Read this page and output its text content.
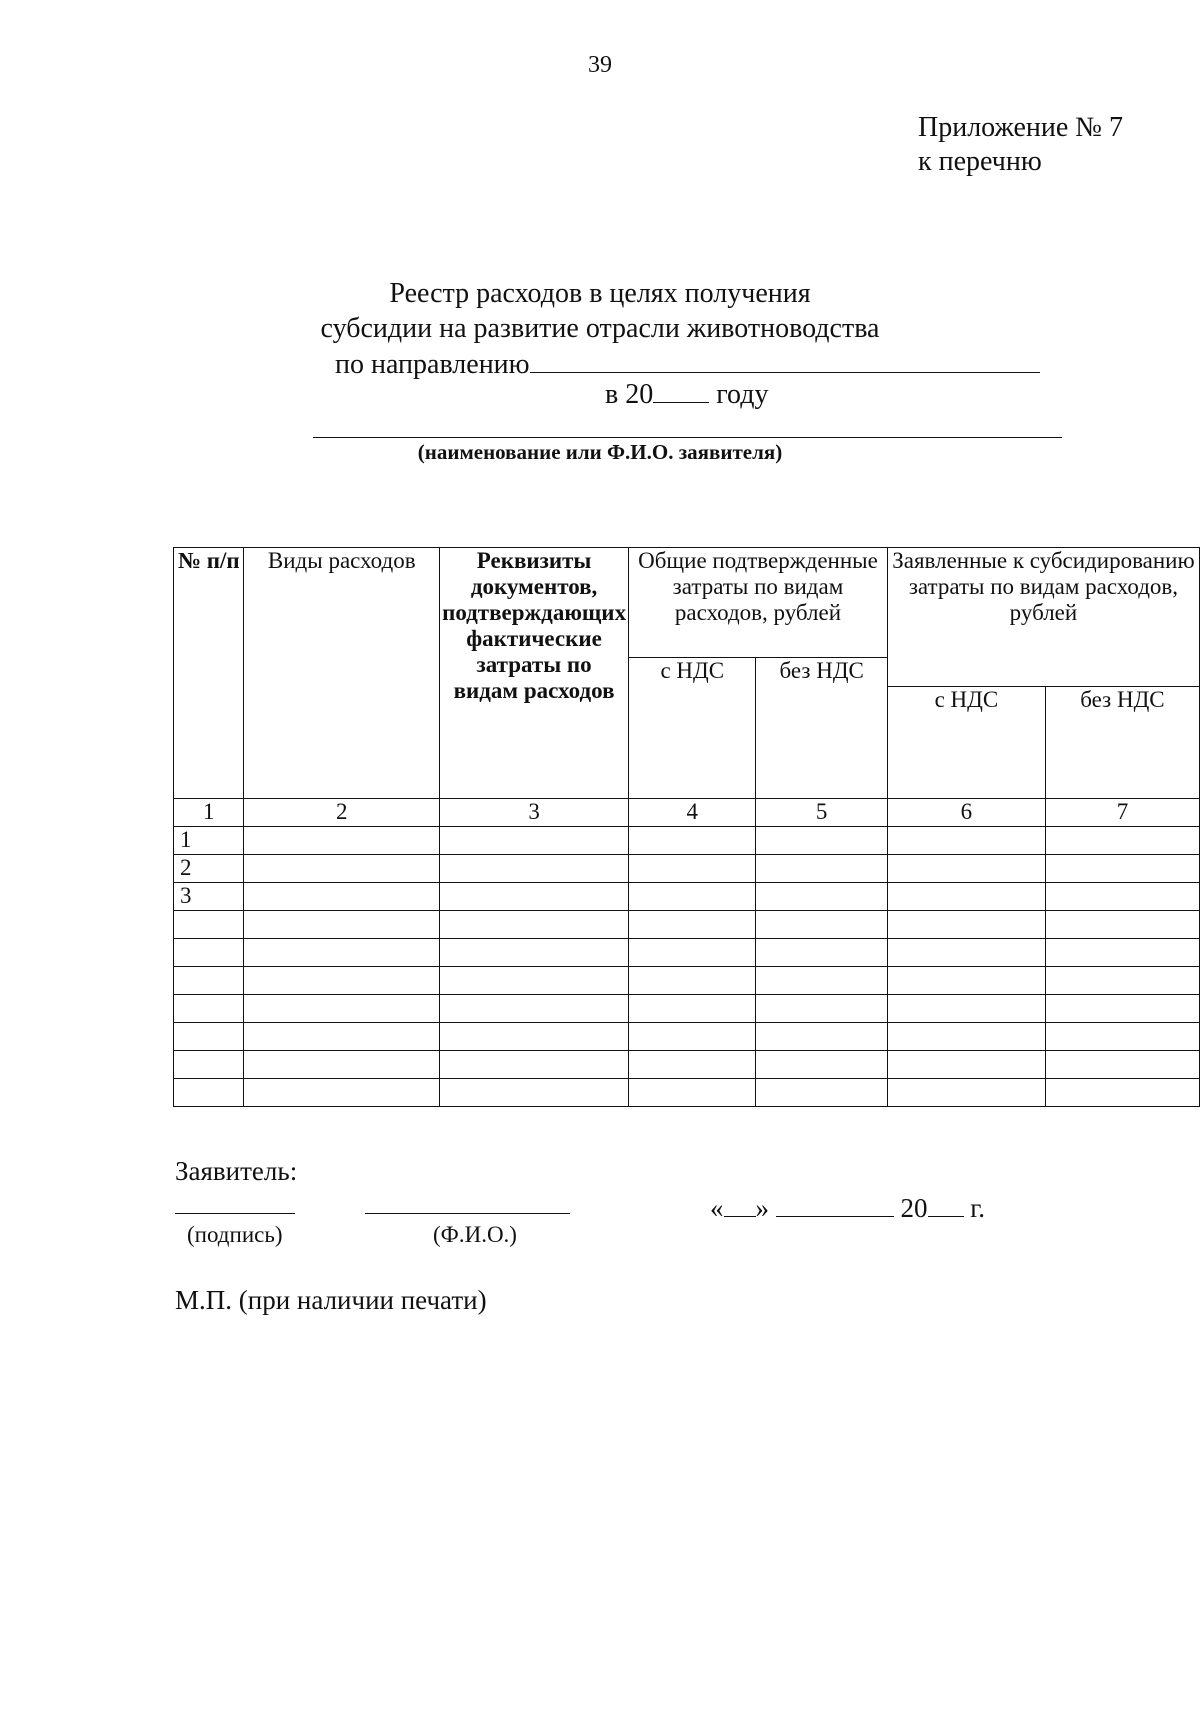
39
Приложение № 7
к перечню
Реестр расходов в целях получения
субсидии на развитие отрасли животноводства
по направлению
в 20 году
(наименование или Ф.И.О. заявителя)
№ п/п	Виды расходов	Реквизиты документов, подтверждающих фактические затраты по видам расходов	Общие подтвержденные затраты по видам расходов, рублей		Заявленные к субсидированию затраты по видам расходов, рублей	
			с НДС	без НДС		
					с НДС	без НДС
1	2	3	4	5	6	7
1						
2						
3						

Заявитель:
(подпись)	(Ф.И.О.)
« »	20 г.
М.П. (при наличии печати)
